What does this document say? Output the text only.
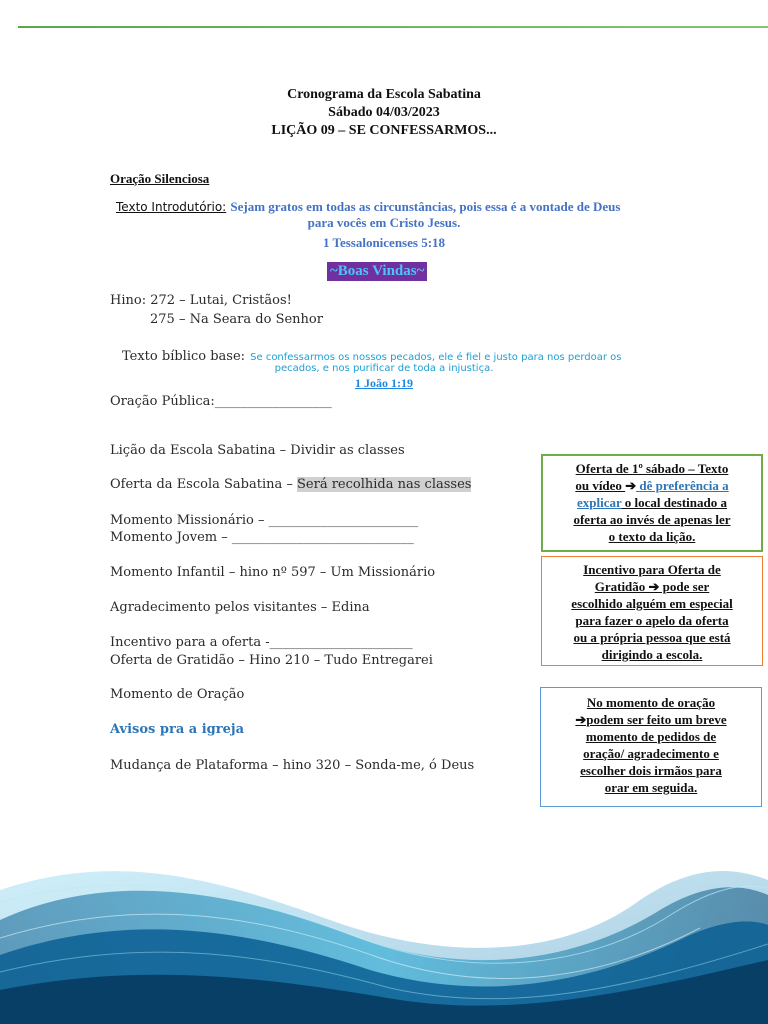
Cronograma da Escola Sabatina
Sábado 04/03/2023
LIÇÃO 09 – SE CONFESSARMOS...
Oração Silenciosa
Texto Introdutório: Sejam gratos em todas as circunstâncias, pois essa é a vontade de Deus
para vocês em Cristo Jesus.
1 Tessalonicenses 5:18
~Boas Vindas~
Hino: 272 – Lutai, Cristãos!
275 – Na Seara do Senhor
Texto bíblico base: Se confessarmos os nossos pecados, ele é fiel e justo para nos perdoar os
pecados, e nos purificar de toda a injustiça.
1 João 1:19
Oração Pública:__________________
Lição da Escola Sabatina – Dividir as classes
Oferta da Escola Sabatina – Será recolhida nas classes
Momento Missionário – _______________________
Momento Jovem – ____________________________
Momento Infantil – hino nº 597 – Um Missionário
Agradecimento pelos visitantes – Edina
Incentivo para a oferta -______________________
Oferta de Gratidão – Hino 210 – Tudo Entregarei
Momento de Oração
Avisos pra a igreja
Mudança de Plataforma – hino 320 – Sonda-me, ó Deus
Oferta de 1º sábado – Texto
ou vídeo ➔ dê preferência a
explicar o local destinado a
oferta ao invés de apenas ler
o texto da lição.
Incentivo para Oferta de
Gratidão ➔ pode ser
escolhido alguém em especial
para fazer o apelo da oferta
ou a própria pessoa que está
dirigindo a escola.
No momento de oração
➔podem ser feito um breve
momento de pedidos de
oração/ agradecimento e
escolher dois irmãos para
orar em seguida.
